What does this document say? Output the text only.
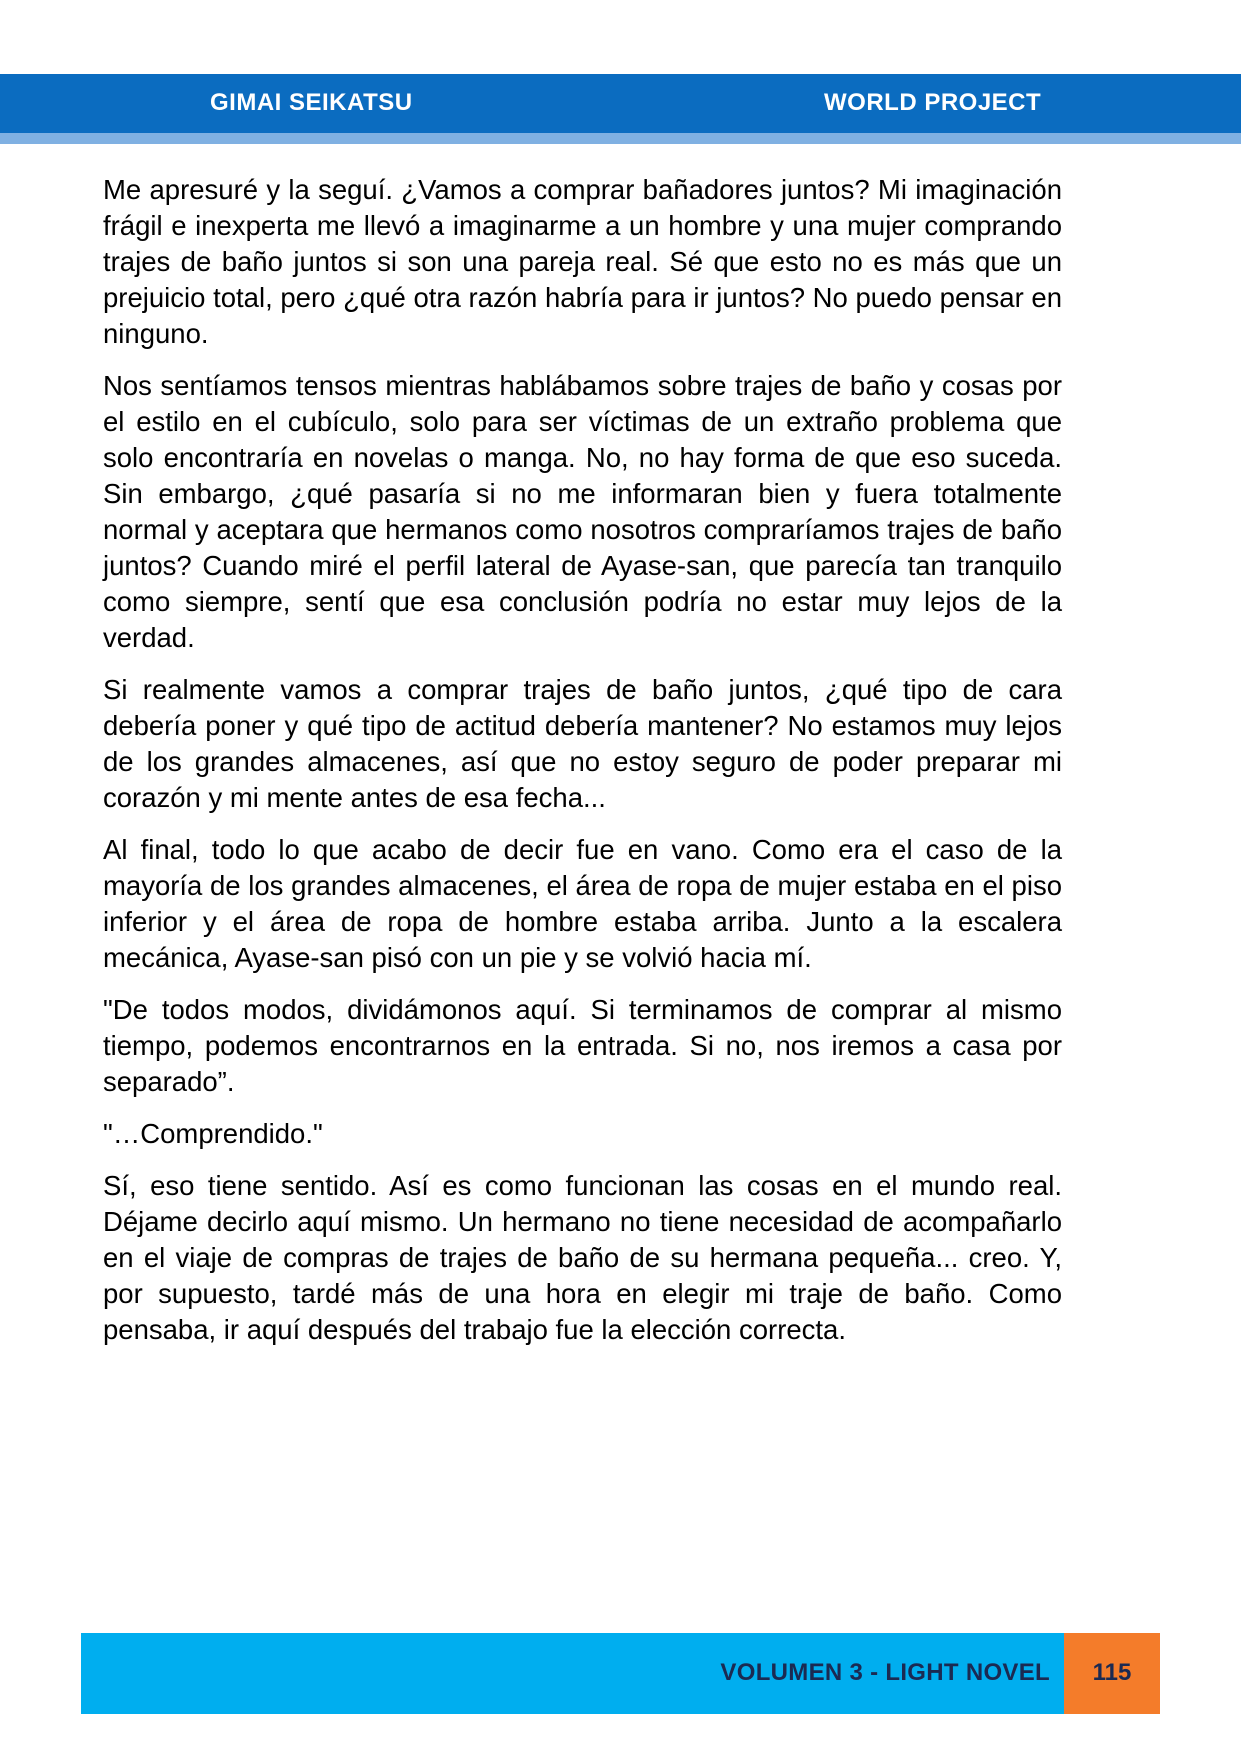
GIMAI SEIKATSU	WORLD PROJECT

Me apresuré y la seguí. ¿Vamos a comprar bañadores juntos? Mi imaginación frágil e inexperta me llevó a imaginarme a un hombre y una mujer comprando trajes de baño juntos si son una pareja real. Sé que esto no es más que un prejuicio total, pero ¿qué otra razón habría para ir juntos? No puedo pensar en ninguno.

Nos sentíamos tensos mientras hablábamos sobre trajes de baño y cosas por el estilo en el cubículo, solo para ser víctimas de un extraño problema que solo encontraría en novelas o manga. No, no hay forma de que eso suceda. Sin embargo, ¿qué pasaría si no me informaran bien y fuera totalmente normal y aceptara que hermanos como nosotros compraríamos trajes de baño juntos? Cuando miré el perfil lateral de Ayase-san, que parecía tan tranquilo como siempre, sentí que esa conclusión podría no estar muy lejos de la verdad.

Si realmente vamos a comprar trajes de baño juntos, ¿qué tipo de cara debería poner y qué tipo de actitud debería mantener? No estamos muy lejos de los grandes almacenes, así que no estoy seguro de poder preparar mi corazón y mi mente antes de esa fecha...

Al final, todo lo que acabo de decir fue en vano. Como era el caso de la mayoría de los grandes almacenes, el área de ropa de mujer estaba en el piso inferior y el área de ropa de hombre estaba arriba. Junto a la escalera mecánica, Ayase-san pisó con un pie y se volvió hacia mí.

"De todos modos, dividámonos aquí. Si terminamos de comprar al mismo tiempo, podemos encontrarnos en la entrada. Si no, nos iremos a casa por separado”.

"…Comprendido."

Sí, eso tiene sentido. Así es como funcionan las cosas en el mundo real. Déjame decirlo aquí mismo. Un hermano no tiene necesidad de acompañarlo en el viaje de compras de trajes de baño de su hermana pequeña... creo. Y, por supuesto, tardé más de una hora en elegir mi traje de baño. Como pensaba, ir aquí después del trabajo fue la elección correcta.

VOLUMEN 3 - LIGHT NOVEL	115
